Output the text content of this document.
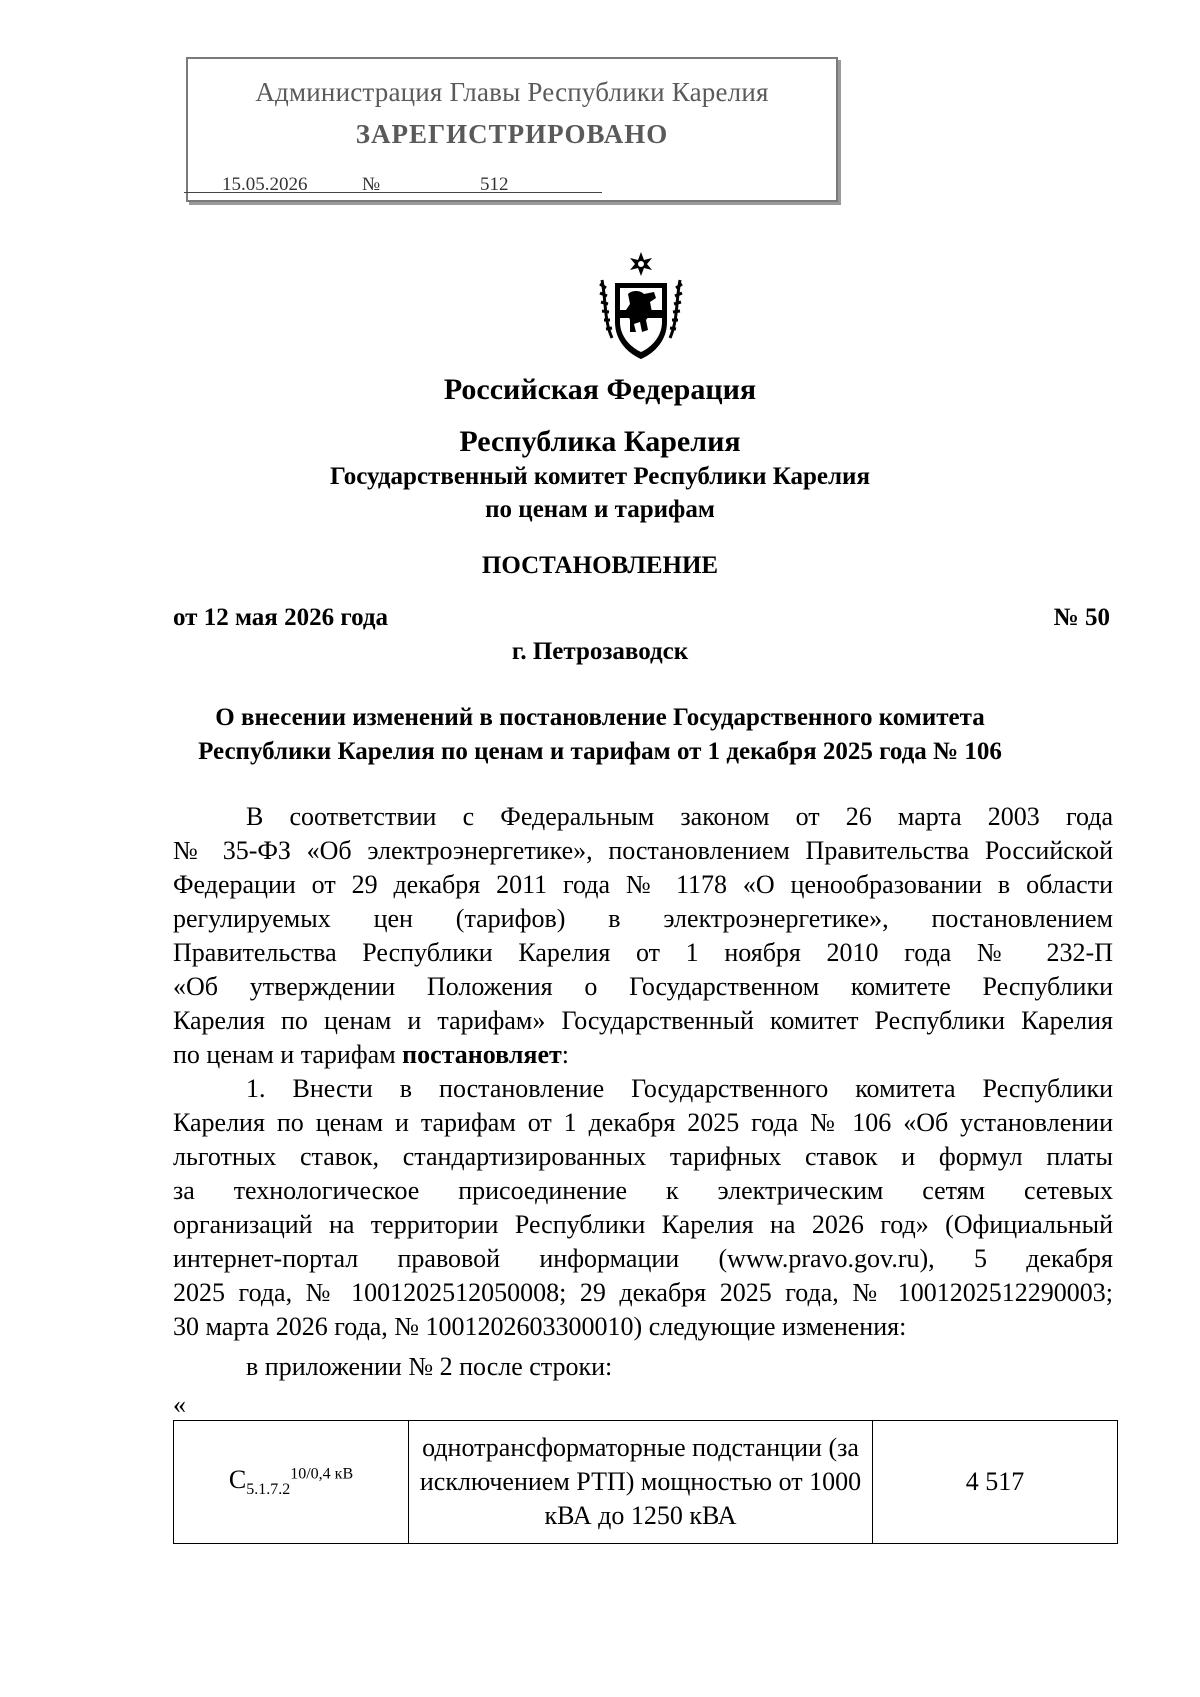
Администрация Главы Республики Карелия
ЗАРЕГИСТРИРОВАНО
15.05.2026	№	512
Российская Федерация
Республика Карелия
Государственный комитет Республики Карелия
по ценам и тарифам
ПОСТАНОВЛЕНИЕ
от 12 мая 2026 года	№ 50
г. Петрозаводск
О внесении изменений в постановление Государственного комитета
Республики Карелия по ценам и тарифам от 1 декабря 2025 года № 106
В соответствии с Федеральным законом от 26 марта 2003 года
№ 35-ФЗ «Об электроэнергетике», постановлением Правительства Российской
Федерации от 29 декабря 2011 года № 1178 «О ценообразовании в области
регулируемых цен (тарифов) в электроэнергетике», постановлением
Правительства Республики Карелия от 1 ноября 2010 года № 232-П
«Об утверждении Положения о Государственном комитете Республики
Карелия по ценам и тарифам» Государственный комитет Республики Карелия
по ценам и тарифам постановляет:
1. Внести в постановление Государственного комитета Республики
Карелия по ценам и тарифам от 1 декабря 2025 года № 106 «Об установлении
льготных ставок, стандартизированных тарифных ставок и формул платы
за технологическое присоединение к электрическим сетям сетевых
организаций на территории Республики Карелия на 2026 год» (Официальный
интернет-портал правовой информации (www.pravo.gov.ru), 5 декабря
2025 года, № 1001202512050008; 29 декабря 2025 года, № 1001202512290003;
30 марта 2026 года, № 1001202603300010) следующие изменения:
в приложении № 2 после строки:
«
$С_{5.1.7.2}^{10/0,4 кВ}$	однотрансформаторные подстанции (за исключением РТП) мощностью от 1000 кВА до 1250 кВА	4 517
